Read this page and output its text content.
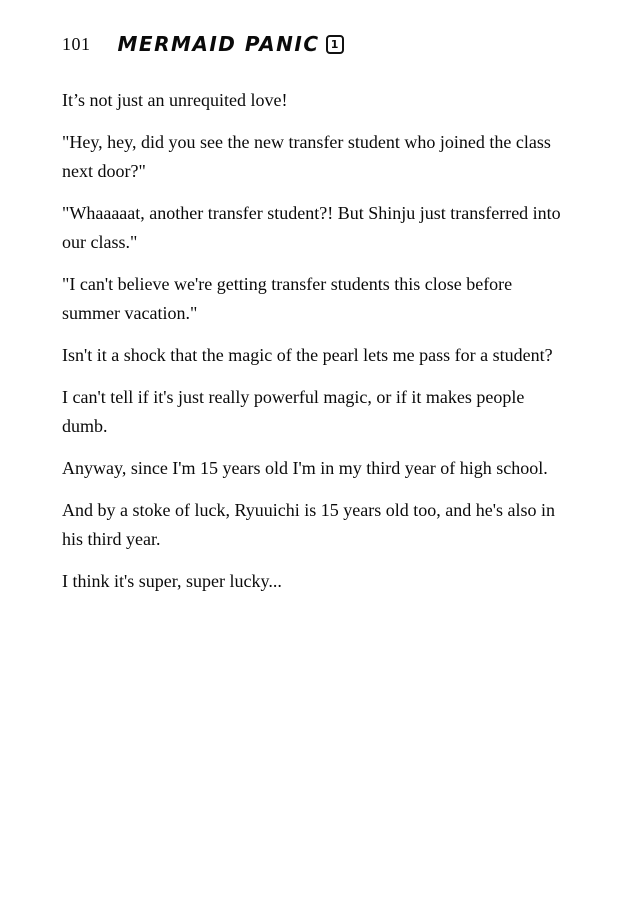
101 MERMAID PANIC	1

It’s not just an unrequited love!

"Hey, hey, did you see the new transfer student who joined the class next door?"

"Whaaaaat, another transfer student?! But Shinju just transferred into our class."

"I can't believe we're getting transfer students this close before summer vacation."

Isn't it a shock that the magic of the pearl lets me pass for a student?

I can't tell if it's just really powerful magic, or if it makes people dumb.

Anyway, since I'm 15 years old I'm in my third year of high school.

And by a stoke of luck, Ryuuichi is 15 years old too, and he's also in his third year.

I think it's super, super lucky...
